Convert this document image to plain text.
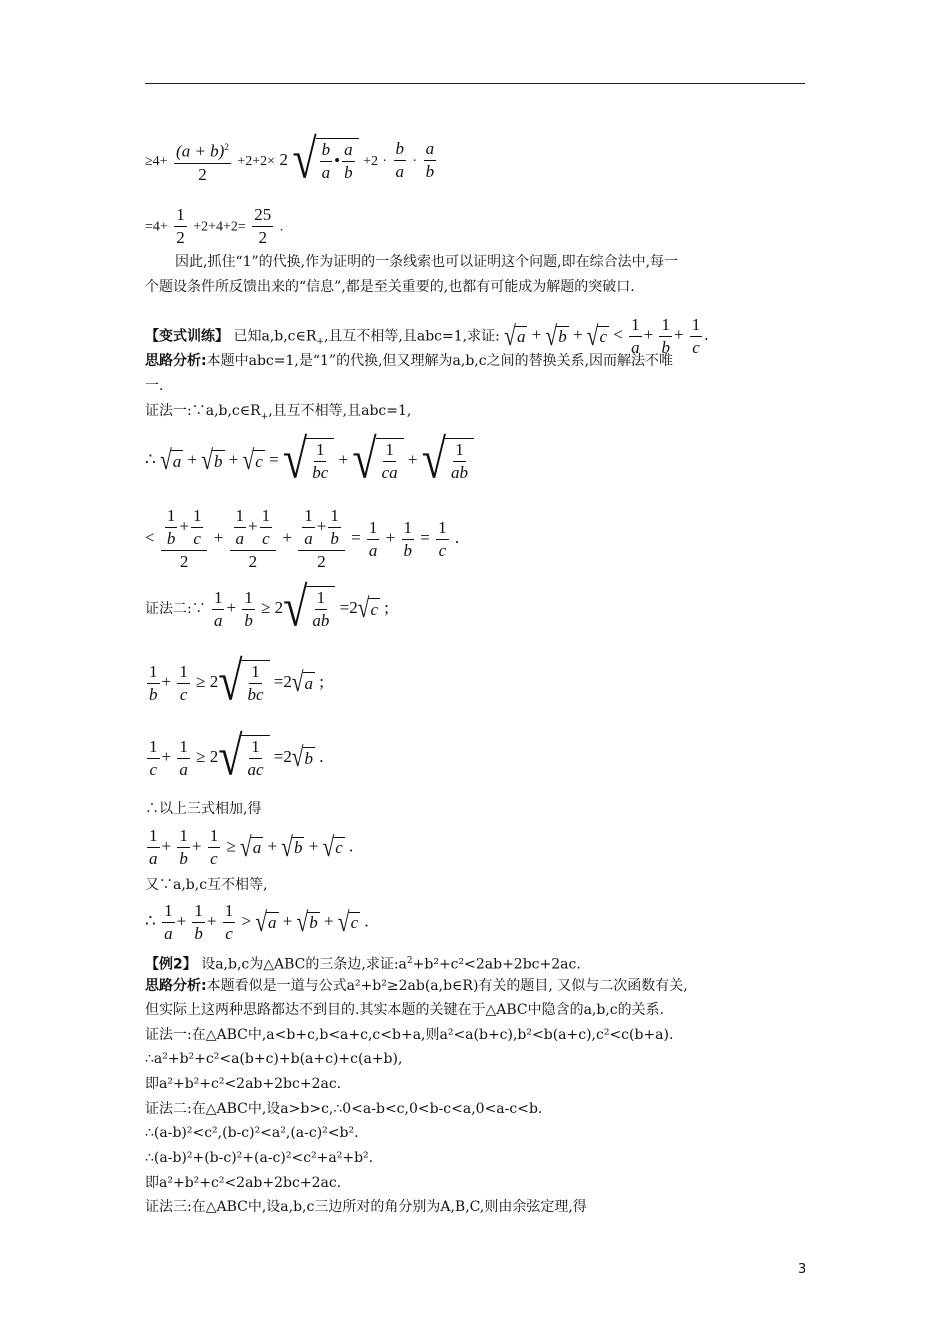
$\ge 4+ \frac{(a + b)^2}{2} +2+2\times 2$ √ b
a
•
a
b
$+2 \cdot \frac{b}{a} \cdot \frac{a}{b}$
$=4+ \frac{1}{2} +2+4+2= \frac{25}{2}$ .
因此,抓住“1”的代换,作为证明的一条线索也可以证明这个问题,即在综合法中,每一
个题设条件所反馈出来的“信息”,都是至关重要的,也都有可能成为解题的突破口.
【变式训练】 已知$a,b,c\in R_+$,且互不相等,且abc=1,求证: √ a + √ b + √ $c < \frac{1}{a} + \frac{1}{b} + \frac{1}{c}$ .
思路分析:本题中abc=1,是“1”的代换,但又理解为a,b,c之间的替换关系,因而解法不唯
一.
证法一$:\because a,b,c\in R_+$,且互不相等,且abc=1,
∴ √ a + √ b + √ c = √ 1
bc
+ √ 1
ca
+ √ 1
ab
< $\frac{\frac{1}{b} + \frac{1}{c}}{2} + \frac{\frac{1}{a} + \frac{1}{c}}{2} + \frac{\frac{1}{a} + \frac{1}{b}}{2} = \frac{1}{a} + \frac{1}{b} = \frac{1}{c}$ .
证法二:∵ $\frac{1}{a} + \frac{1}{b} \ge 2$ √ 1
ab
=2 √ c ;
$\frac{1}{b} + \frac{1}{c} \ge 2$ √ 1
bc
=2 √ a ;
$\frac{1}{c} + \frac{1}{a} \ge 2$ √ 1
ac
=2 √ b .
∴以上三式相加,得
$\frac{1}{a} + \frac{1}{b} + \frac{1}{c}$ ≥ √ a + √ b + √ c .
又∵a,b,c互不相等,
∴ $\frac{1}{a} + \frac{1}{b} + \frac{1}{c}$ > √ a + √ b + √ c .
【例2】 设a,b,c为△ABC的三条边,求证$:a^2+b^2+c^2<2ab+2bc+2ac$.
思路分析:本题看似是一道与公式a²+b²≥2ab(a,b∈R)有关的题目, 又似与二次函数有关,
但实际上这两种思路都达不到目的.其实本题的关键在于△ABC中隐含的a,b,c的关系.
证法一:在△ABC中,a<b+c,b<a+c,c<b+a,则a²<a(b+c),b²<b(a+c),c²<c(b+a).
∴a²+b²+c²<a(b+c)+b(a+c)+c(a+b),
即a²+b²+c²<2ab+2bc+2ac.
证法二:在△ABC中,设a>b>c,∴0<a-b<c,0<b-c<a,0<a-c<b.
∴(a-b)²<c²,(b-c)²<a²,(a-c)²<b².
∴(a-b)²+(b-c)²+(a-c)²<c²+a²+b².
即a²+b²+c²<2ab+2bc+2ac.
证法三:在△ABC中,设a,b,c三边所对的角分别为A,B,C,则由余弦定理,得
3
